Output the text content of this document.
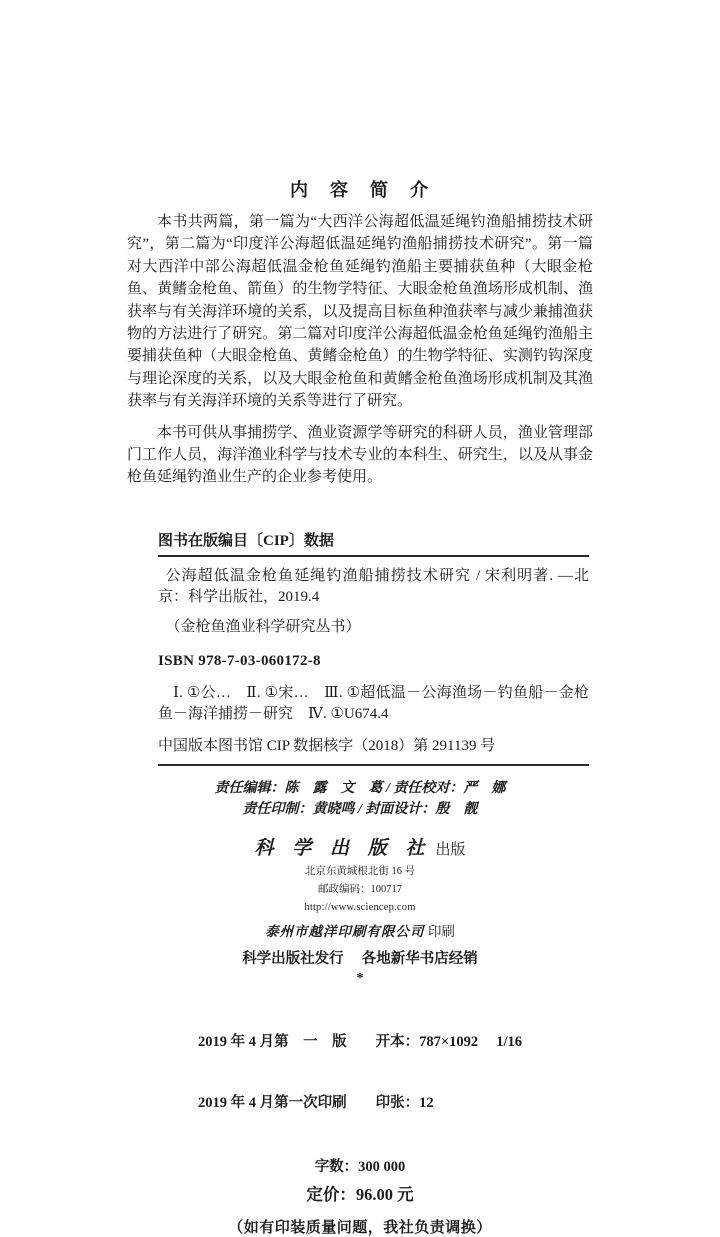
内　容　简　介

本书共两篇，第一篇为“大西洋公海超低温延绳钓渔船捕捞技术研究”，第二篇为“印度洋公海超低温延绳钓渔船捕捞技术研究”。第一篇对大西洋中部公海超低温金枪鱼延绳钓渔船主要捕获鱼种（大眼金枪鱼、黄鳍金枪鱼、箭鱼）的生物学特征、大眼金枪鱼渔场形成机制、渔获率与有关海洋环境的关系，以及提高目标鱼种渔获率与减少兼捕渔获物的方法进行了研究。第二篇对印度洋公海超低温金枪鱼延绳钓渔船主要捕获鱼种（大眼金枪鱼、黄鳍金枪鱼）的生物学特征、实测钓钩深度与理论深度的关系，以及大眼金枪鱼和黄鳍金枪鱼渔场形成机制及其渔获率与有关海洋环境的关系等进行了研究。

本书可供从事捕捞学、渔业资源学等研究的科研人员，渔业管理部门工作人员，海洋渔业科学与技术专业的本科生、研究生，以及从事金枪鱼延绳钓渔业生产的企业参考使用。

图书在版编目〔CIP〕数据

公海超低温金枪鱼延绳钓渔船捕捞技术研究 / 宋利明著. —北京：科学出版社，2019.4

（金枪鱼渔业科学研究丛书）

ISBN 978-7-03-060172-8

Ⅰ. ①公…　Ⅱ. ①宋…　Ⅲ. ①超低温－公海渔场－钓鱼船－金枪鱼－海洋捕捞－研究　Ⅳ. ①U674.4

中国版本图书馆 CIP 数据核字（2018）第 291139 号

责任编辑：陈　露　文　葛 / 责任校对：严　娜
责任印制：黄晓鸣 / 封面设计：殷　靓
科 学 出 版 社 出版
北京东黄城根北街 16 号
邮政编码：100717
http://www.sciencep.com
泰州市越洋印刷有限公司 印刷
科学出版社发行　 各地新华书店经销
*

2019 年 4 月第　一　版　　开本：787×1092　 1/16

2019 年 4 月第一次印刷　　印张：12

字数：300 000
定价：96.00 元
（如有印装质量问题，我社负责调换）
